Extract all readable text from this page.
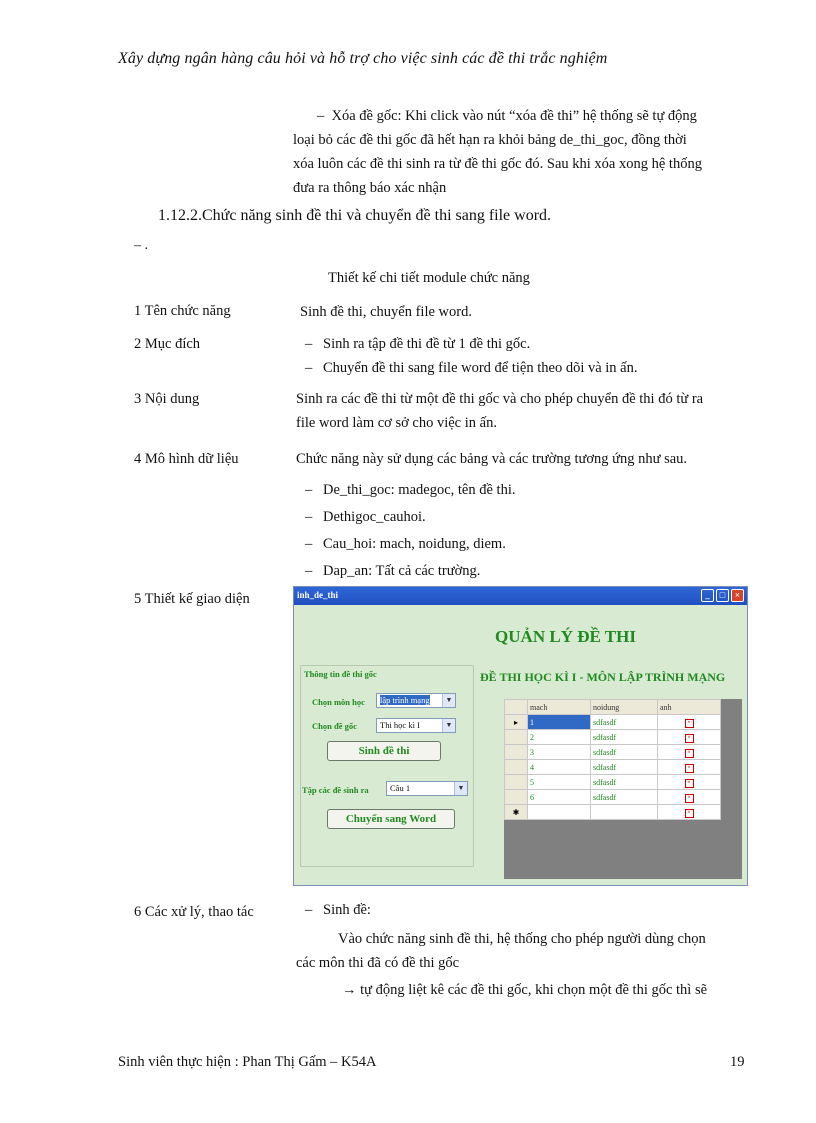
Xây dựng ngân hàng câu hỏi và hỗ trợ cho việc sinh các đề thi trắc nghiệm
– Xóa đề gốc: Khi click vào nút “xóa đề thi” hệ thống sẽ tự động
loại bỏ các đề thi gốc đã hết hạn ra khỏi bảng de_thi_goc, đồng thời
xóa luôn các đề thi sinh ra từ đề thi gốc đó. Sau khi xóa xong hệ thống
đưa ra thông báo xác nhận
1.12.2.Chức năng sinh đề thi và chuyển đề thi sang file word.
– .
Thiết kế chi tiết module chức năng
1 Tên chức năng	Sinh đề thi, chuyển file word.
2 Mục đích	– Sinh ra tập đề thi đề từ 1 đề thi gốc.
– Chuyển đề thi sang file word để tiện theo dõi và in ấn.
3 Nội dung	Sinh ra các đề thi từ một đề thi gốc và cho phép chuyển đề thi đó từ ra
file word làm cơ sở cho việc in ấn.
4 Mô hình dữ liệu	Chức năng này sử dụng các bảng và các trường tương ứng như sau.
– De_thi_goc: madegoc, tên đề thi.
– Dethigoc_cauhoi.
– Cau_hoi: mach, noidung, diem.
– Dap_an: Tất cả các trường.
5 Thiết kế giao diện	inh_de_thi	_	□	×
QUẢN LÝ ĐỀ THI
Thông tin đề thi gốc
Chọn môn học lập trình mạng	▼
Chọn đề gốc	Thi học kì I	▼
Sinh đề thi
Tập các đề sinh ra	Câu 1	▼
Chuyển sang Word
ĐỀ THI HỌC KÌ I - MÔN LẬP TRÌNH MẠNG
	mach	noidung	anh
▸	1	sdfasdf	×
	2	sdfasdf	×
	3	sdfasdf	×
	4	sdfasdf	×
	5	sdfasdf	×
	6	sdfasdf	×
✱			×
6 Các xử lý, thao tác	– Sinh đề:
Vào chức năng sinh đề thi, hệ thống cho phép người dùng chọn
các môn thi đã có đề thi gốc
→ tự động liệt kê các đề thi gốc, khi chọn một đề thi gốc thì sẽ
Sinh viên thực hiện : Phan Thị Gấm – K54A	19
